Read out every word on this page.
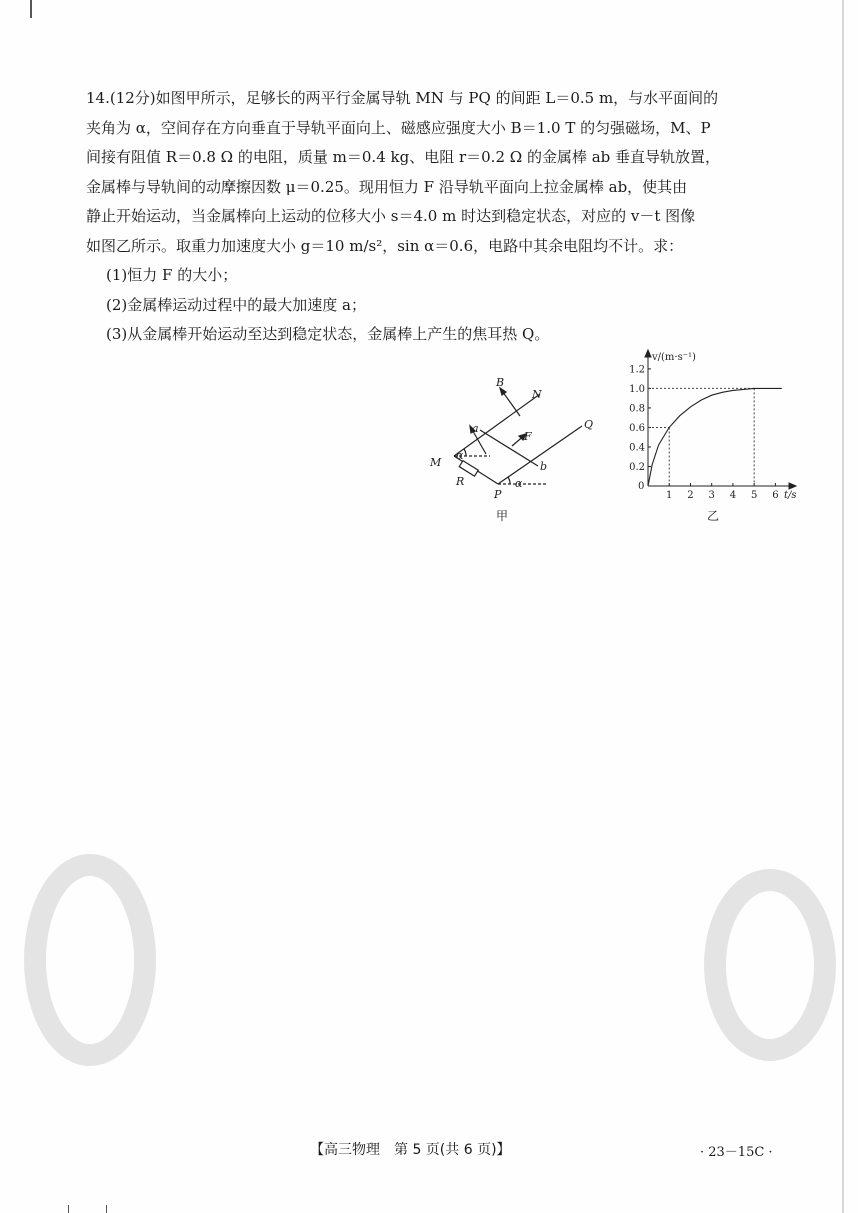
14.(12分)如图甲所示，足够长的两平行金属导轨 MN 与 PQ 的间距 L＝0.5 m，与水平面间的

夹角为 α，空间存在方向垂直于导轨平面向上、磁感应强度大小 B＝1.0 T 的匀强磁场，M、P

间接有阻值 R＝0.8 Ω 的电阻，质量 m＝0.4 kg、电阻 r＝0.2 Ω 的金属棒 ab 垂直导轨放置，

金属棒与导轨间的动摩擦因数 μ＝0.25。现用恒力 F 沿导轨平面向上拉金属棒 ab，使其由

静止开始运动，当金属棒向上运动的位移大小 s＝4.0 m 时达到稳定状态，对应的 v－t 图像

如图乙所示。取重力加速度大小 g＝10 m/s²，sin α＝0.6，电路中其余电阻均不计。求：

(1)恒力 F 的大小；

(2)金属棒运动过程中的最大加速度 a；

(3)从金属棒开始运动至达到稳定状态，金属棒上产生的焦耳热 Q。

B
N
Q
a
F
b
M
R
P
α
α
甲
0.2
0.4
0.6
0.8
1.0
1.2
1 2 3 4 5 6
v/(m·s⁻¹)
t/s
0
乙
【高三物理　第 5 页(共 6 页)】	· 23－15C ·
